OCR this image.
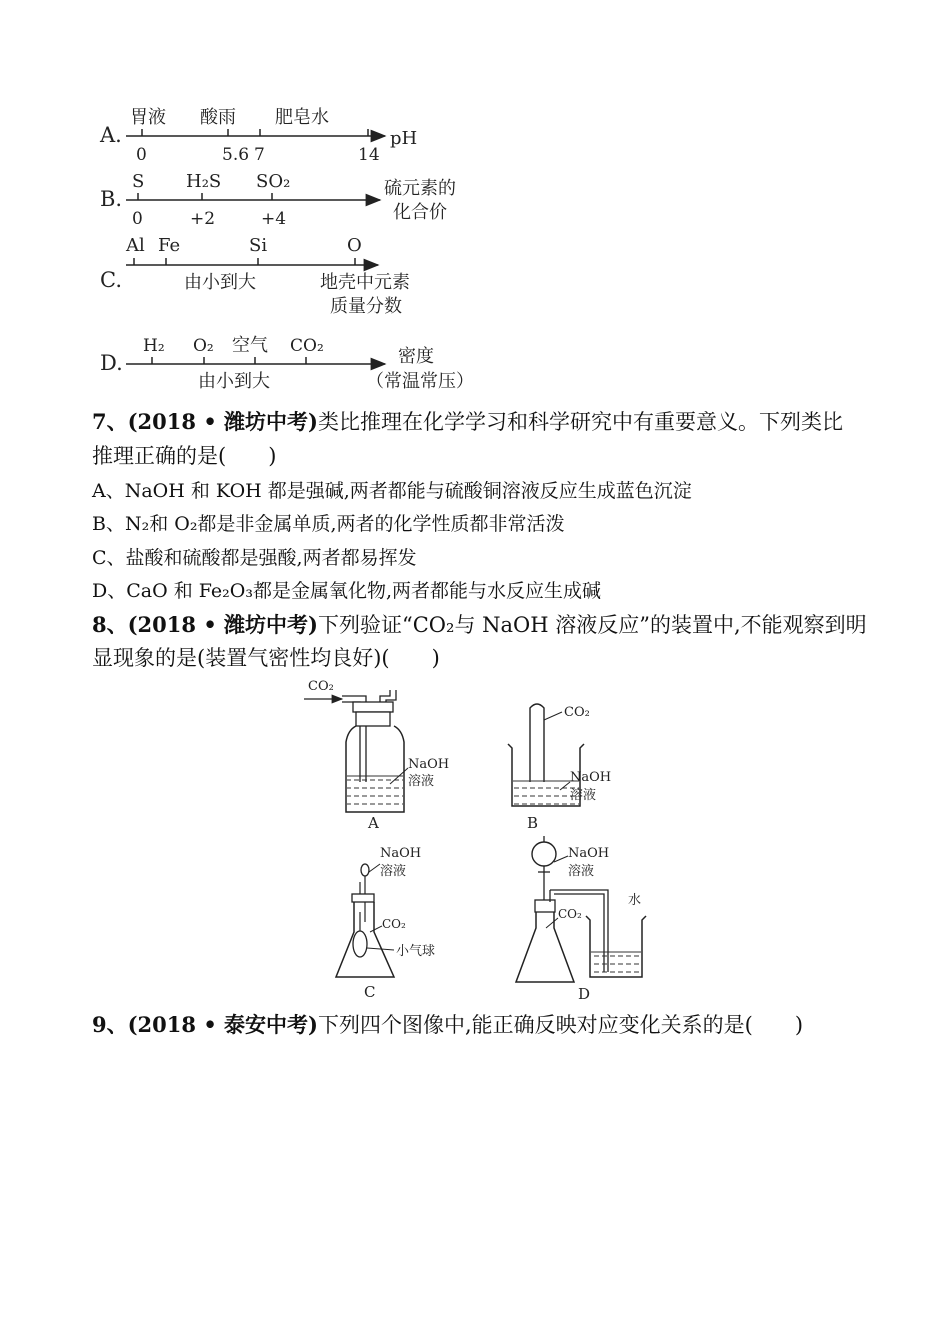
A.
胃液 酸雨 肥皂水
0	5.6 7	14
pH
B.
S H₂S SO₂
0	+2	+4
硫元素的
化合价
C.
Al Fe	Si	O
由小到大	地壳中元素
质量分数
D.
H₂ O₂ 空气 CO₂
由小到大
密度
（常温常压）
7、(2018 • 潍坊中考)类比推理在化学学习和科学研究中有重要意义。下列类比
推理正确的是(　　)
A、NaOH 和 KOH 都是强碱,两者都能与硫酸铜溶液反应生成蓝色沉淀
B、N₂和 O₂都是非金属单质,两者的化学性质都非常活泼
C、盐酸和硫酸都是强酸,两者都易挥发
D、CaO 和 Fe₂O₃都是金属氧化物,两者都能与水反应生成碱
8、(2018 • 潍坊中考)下列验证“CO₂与 NaOH 溶液反应”的装置中,不能观察到明
显现象的是(装置气密性均良好)(　　)
CO₂
NaOH
溶液
A
CO₂
NaOH
溶液
B
NaOH
溶液
CO₂
小气球
C
NaOH
溶液
CO₂
水
D
9、(2018 • 泰安中考)下列四个图像中,能正确反映对应变化关系的是(　　)
